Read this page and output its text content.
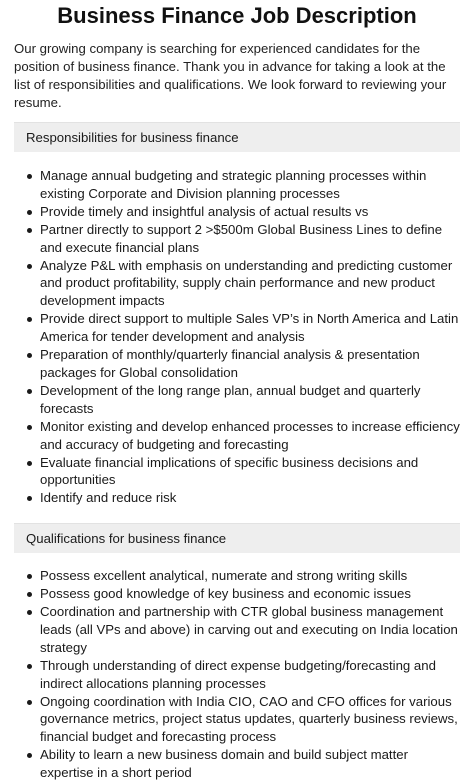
Business Finance Job Description

Our growing company is searching for experienced candidates for the position of business finance. Thank you in advance for taking a look at the list of responsibilities and qualifications. We look forward to reviewing your resume.

Responsibilities for business finance
Manage annual budgeting and strategic planning processes within existing Corporate and Division planning processes
Provide timely and insightful analysis of actual results vs
Partner directly to support 2 >$500m Global Business Lines to define and execute financial plans
Analyze P&L with emphasis on understanding and predicting customer and product profitability, supply chain performance and new product development impacts
Provide direct support to multiple Sales VP’s in North America and Latin America for tender development and analysis
Preparation of monthly/quarterly financial analysis & presentation packages for Global consolidation
Development of the long range plan, annual budget and quarterly forecasts
Monitor existing and develop enhanced processes to increase efficiency and accuracy of budgeting and forecasting
Evaluate financial implications of specific business decisions and opportunities
Identify and reduce risk
Qualifications for business finance
Possess excellent analytical, numerate and strong writing skills
Possess good knowledge of key business and economic issues
Coordination and partnership with CTR global business management leads (all VPs and above) in carving out and executing on India location strategy
Through understanding of direct expense budgeting/forecasting and indirect allocations planning processes
Ongoing coordination with India CIO, CAO and CFO offices for various governance metrics, project status updates, quarterly business reviews, financial budget and forecasting process
Ability to learn a new business domain and build subject matter expertise in a short period
